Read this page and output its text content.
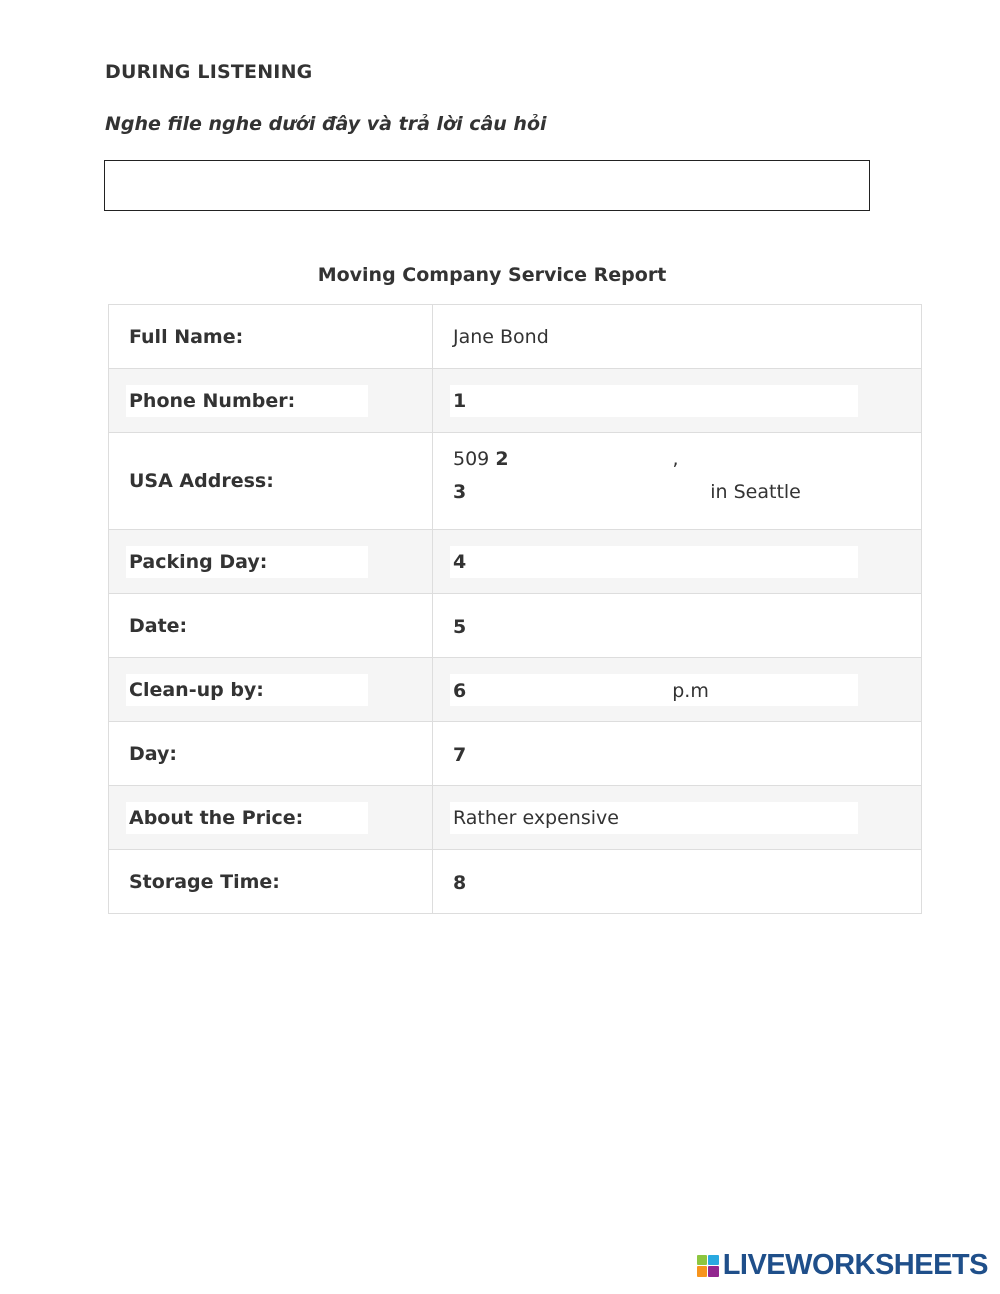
DURING LISTENING
Nghe file nghe dưới đây và trả lời câu hỏi
Moving Company Service Report
Full Name:	Jane Bond

Phone Number:	1

USA Address:	509 2 ,
3 in Seattle

Packing Day:	4

Date:	5

Clean-up by:	6 p.m

Day:	7

About the Price:	Rather expensive

Storage Time:	8
LIVEWORKSHEETS
